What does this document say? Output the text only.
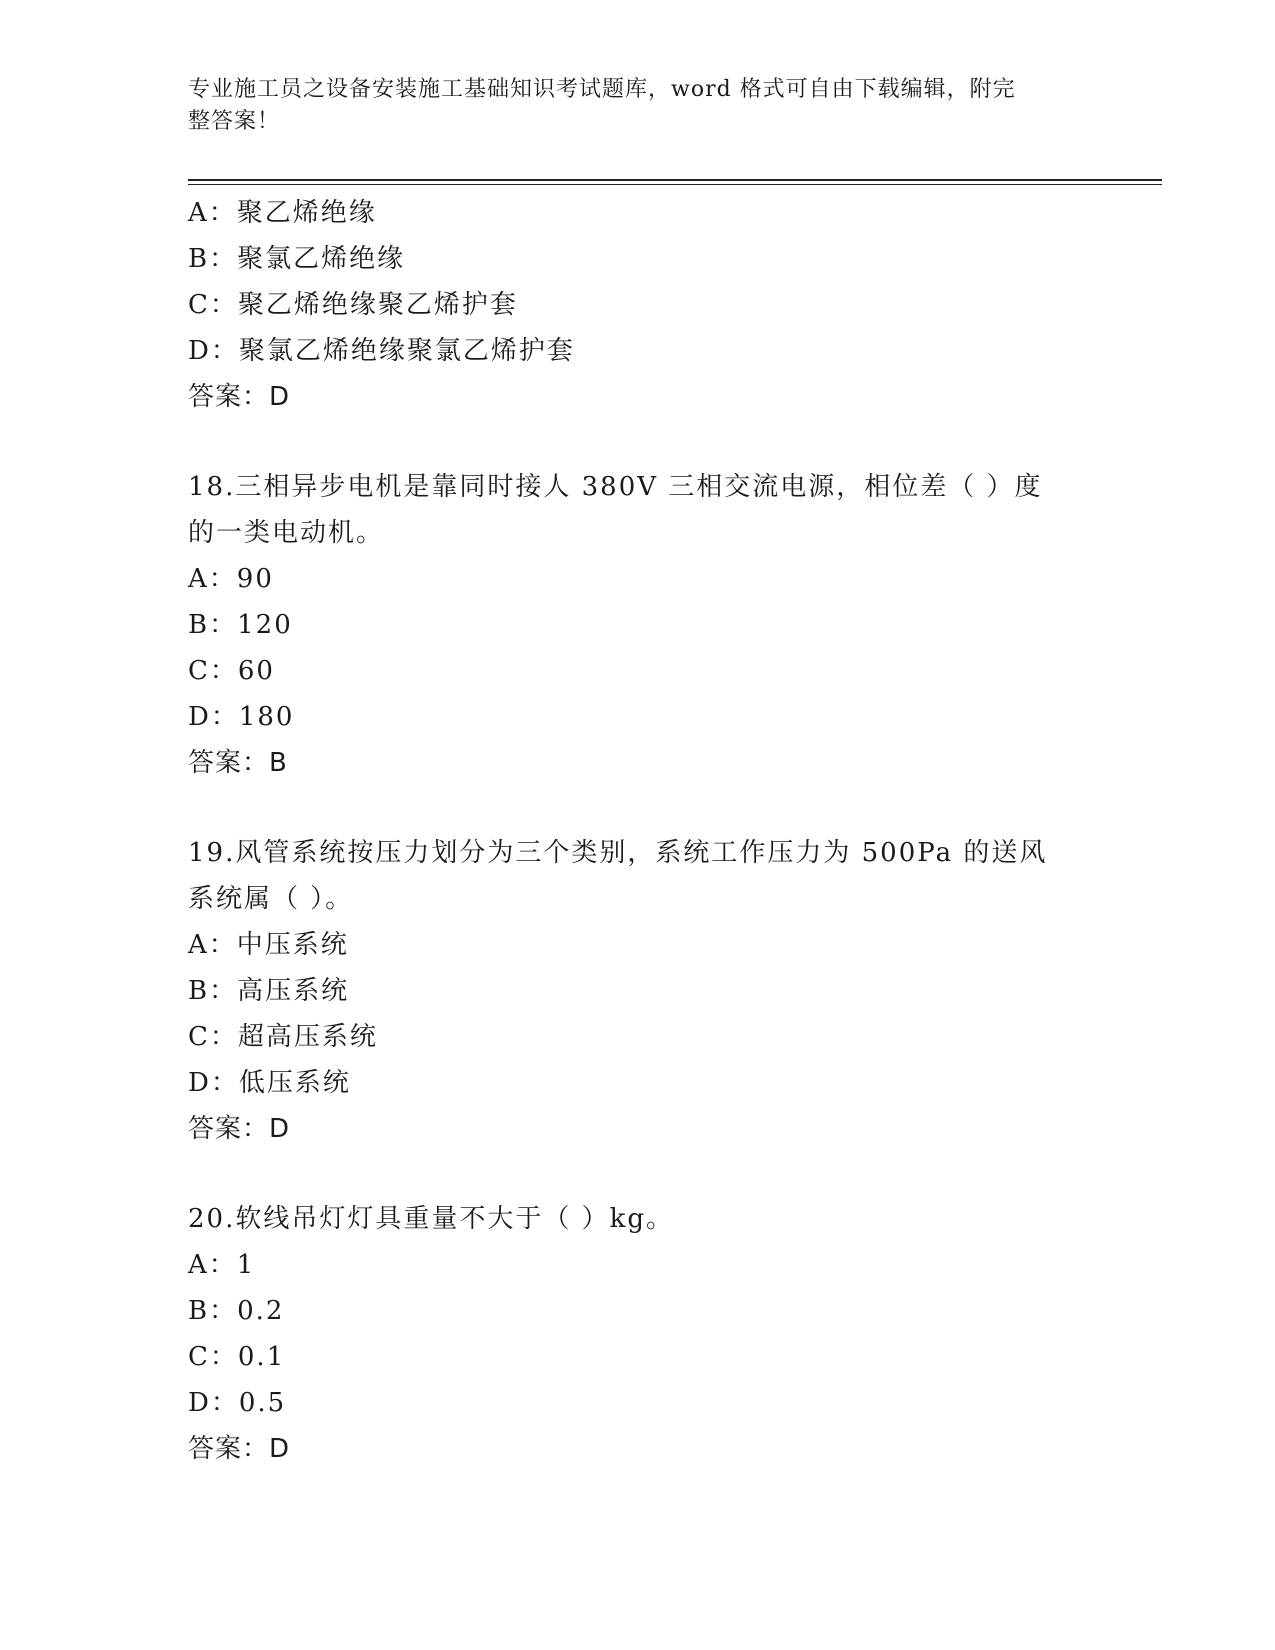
专业施工员之设备安装施工基础知识考试题库，word 格式可自由下载编辑，附完
整答案！
A：聚乙烯绝缘
B：聚氯乙烯绝缘
C：聚乙烯绝缘聚乙烯护套
D：聚氯乙烯绝缘聚氯乙烯护套
答案：D
18.三相异步电机是靠同时接人 380V 三相交流电源，相位差（ ）度的一类电动机。
A：90
B：120
C：60
D：180
答案：B
19.风管系统按压力划分为三个类别，系统工作压力为 500Pa 的送风系统属（ ）。
A：中压系统
B：高压系统
C：超高压系统
D：低压系统
答案：D
20.软线吊灯灯具重量不大于（ ）kg。
A：1
B：0.2
C：0.1
D：0.5
答案：D
